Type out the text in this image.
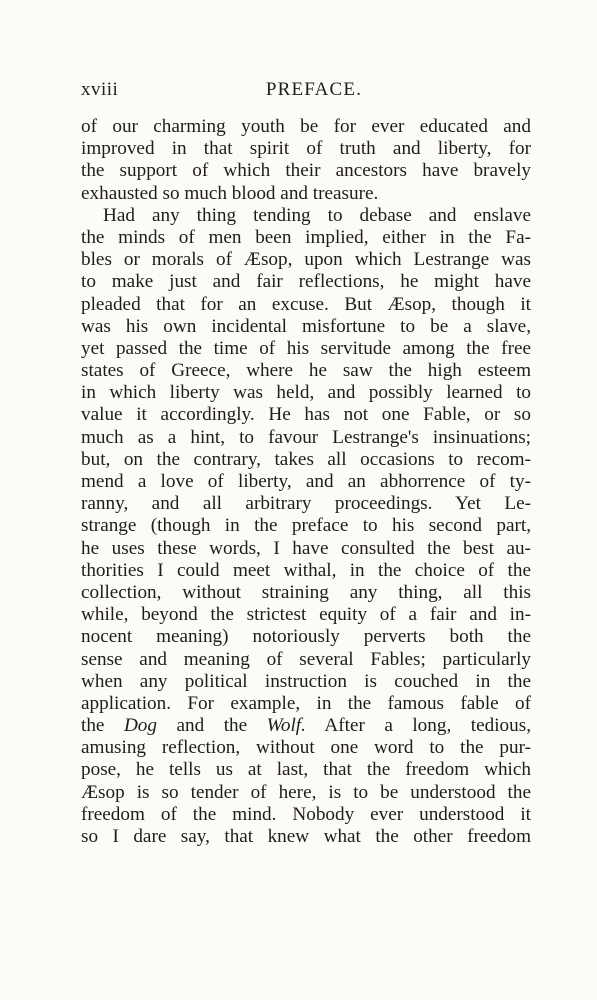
xviii	PREFACE.
of our charming youth be for ever educated and
improved in that spirit of truth and liberty, for
the support of which their ancestors have bravely
exhausted so much blood and treasure.
Had any thing tending to debase and enslave
the minds of men been implied, either in the Fa-
bles or morals of Æsop, upon which Lestrange was
to make just and fair reflections, he might have
pleaded that for an excuse. But Æsop, though it
was his own incidental misfortune to be a slave,
yet passed the time of his servitude among the free
states of Greece, where he saw the high esteem
in which liberty was held, and possibly learned to
value it accordingly. He has not one Fable, or so
much as a hint, to favour Lestrange's insinuations;
but, on the contrary, takes all occasions to recom-
mend a love of liberty, and an abhorrence of ty-
ranny, and all arbitrary proceedings. Yet Le-
strange (though in the preface to his second part,
he uses these words, I have consulted the best au-
thorities I could meet withal, in the choice of the
collection, without straining any thing, all this
while, beyond the strictest equity of a fair and in-
nocent meaning) notoriously perverts both the
sense and meaning of several Fables; particularly
when any political instruction is couched in the
application. For example, in the famous fable of
the Dog and the Wolf. After a long, tedious,
amusing reflection, without one word to the pur-
pose, he tells us at last, that the freedom which
Æsop is so tender of here, is to be understood the
freedom of the mind. Nobody ever understood it
so I dare say, that knew what the other freedom
